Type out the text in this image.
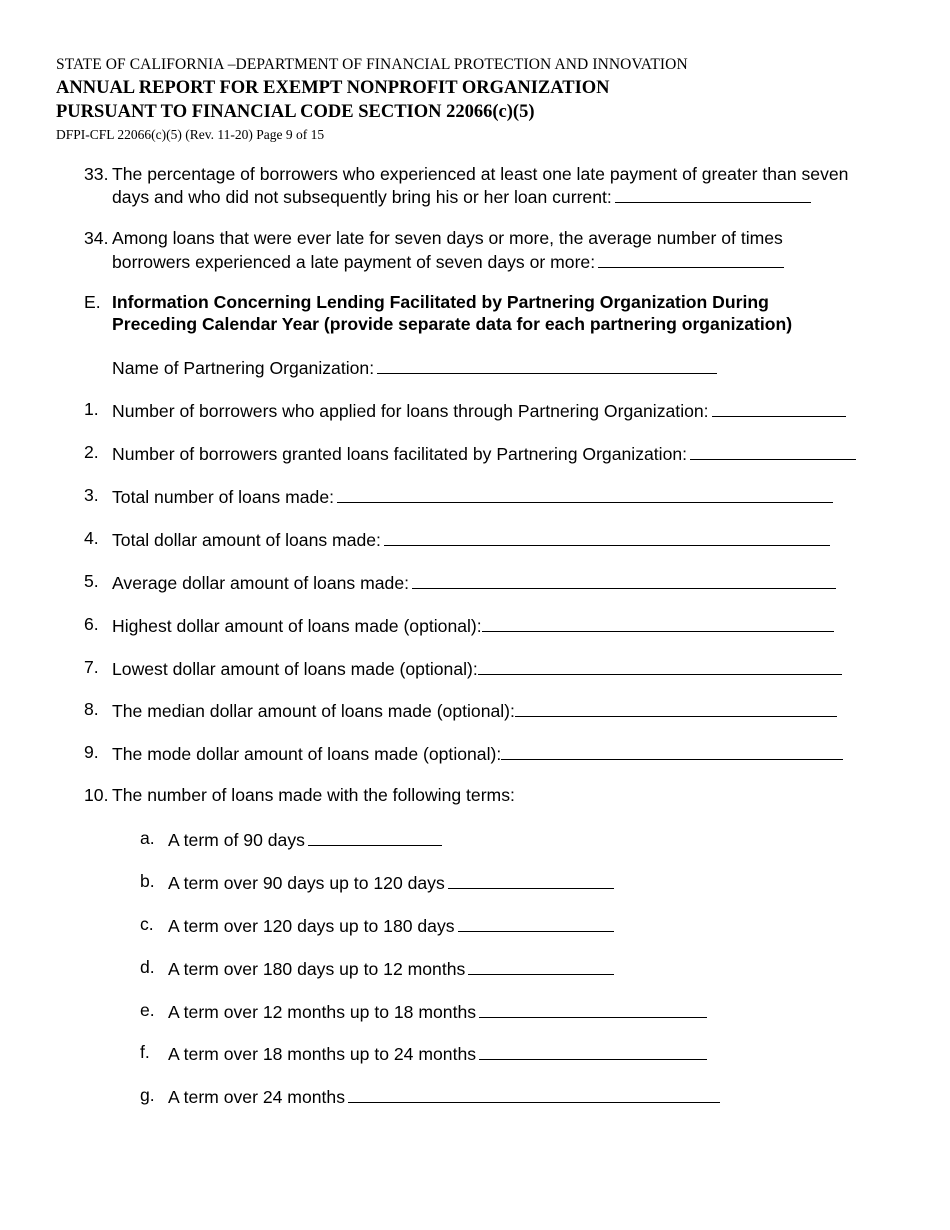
STATE OF CALIFORNIA –DEPARTMENT OF FINANCIAL PROTECTION AND INNOVATION
ANNUAL REPORT FOR EXEMPT NONPROFIT ORGANIZATION
PURSUANT TO FINANCIAL CODE SECTION 22066(c)(5)
DFPI-CFL 22066(c)(5) (Rev. 11-20) Page 9 of 15
33. The percentage of borrowers who experienced at least one late payment of greater than seven
days and who did not subsequently bring his or her loan current:
34. Among loans that were ever late for seven days or more, the average number of times
borrowers experienced a late payment of seven days or more:
E. Information Concerning Lending Facilitated by Partnering Organization During
Preceding Calendar Year (provide separate data for each partnering organization)
Name of Partnering Organization:
1. Number of borrowers who applied for loans through Partnering Organization:
2. Number of borrowers granted loans facilitated by Partnering Organization:
3. Total number of loans made:
4. Total dollar amount of loans made:
5. Average dollar amount of loans made:
6. Highest dollar amount of loans made (optional):
7. Lowest dollar amount of loans made (optional):
8. The median dollar amount of loans made (optional):
9. The mode dollar amount of loans made (optional):
10. The number of loans made with the following terms:
a. A term of 90 days
b. A term over 90 days up to 120 days
c. A term over 120 days up to 180 days
d. A term over 180 days up to 12 months
e. A term over 12 months up to 18 months
f. A term over 18 months up to 24 months
g. A term over 24 months
